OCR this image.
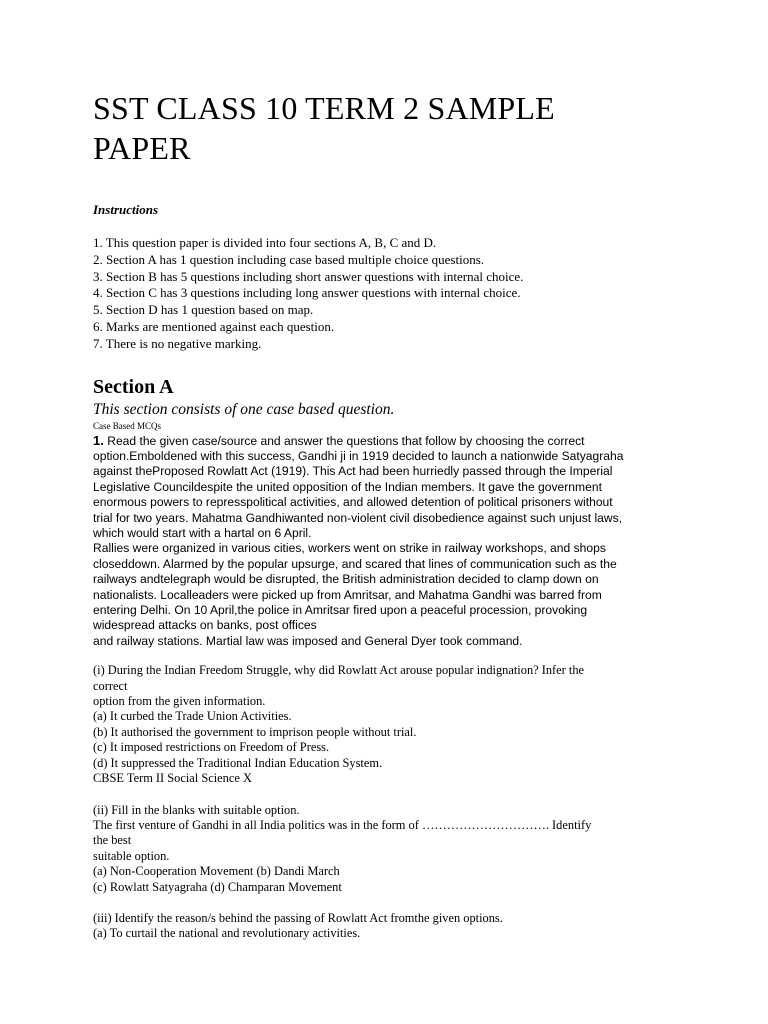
SST CLASS 10 TERM 2 SAMPLE
PAPER

Instructions

1. This question paper is divided into four sections A, B, C and D.
2. Section A has 1 question including case based multiple choice questions.
3. Section B has 5 questions including short answer questions with internal choice.
4. Section C has 3 questions including long answer questions with internal choice.
5. Section D has 1 question based on map.
6. Marks are mentioned against each question.
7. There is no negative marking.
Section A

This section consists of one case based question.

Case Based MCQs

1. Read the given case/source and answer the questions that follow by choosing the correct
option.Emboldened with this success, Gandhi ji in 1919 decided to launch a nationwide Satyagraha
against theProposed Rowlatt Act (1919). This Act had been hurriedly passed through the Imperial
Legislative Councildespite the united opposition of the Indian members. It gave the government
enormous powers to represspolitical activities, and allowed detention of political prisoners without
trial for two years. Mahatma Gandhiwanted non-violent civil disobedience against such unjust laws,
which would start with a hartal on 6 April.
Rallies were organized in various cities, workers went on strike in railway workshops, and shops
closeddown. Alarmed by the popular upsurge, and scared that lines of communication such as the
railways andtelegraph would be disrupted, the British administration decided to clamp down on
nationalists. Localleaders were picked up from Amritsar, and Mahatma Gandhi was barred from
entering Delhi. On 10 April,the police in Amritsar fired upon a peaceful procession, provoking
widespread attacks on banks, post offices
and railway stations. Martial law was imposed and General Dyer took command.
(i) During the Indian Freedom Struggle, why did Rowlatt Act arouse popular indignation? Infer the
correct
option from the given information.
(a) It curbed the Trade Union Activities.
(b) It authorised the government to imprison people without trial.
(c) It imposed restrictions on Freedom of Press.
(d) It suppressed the Traditional Indian Education System.
CBSE Term II Social Science X
(ii) Fill in the blanks with suitable option.
The first venture of Gandhi in all India politics was in the form of …………………………. Identify
the best
suitable option.
(a) Non-Cooperation Movement (b) Dandi March
(c) Rowlatt Satyagraha (d) Champaran Movement
(iii) Identify the reason/s behind the passing of Rowlatt Act fromthe given options.
(a) To curtail the national and revolutionary activities.
